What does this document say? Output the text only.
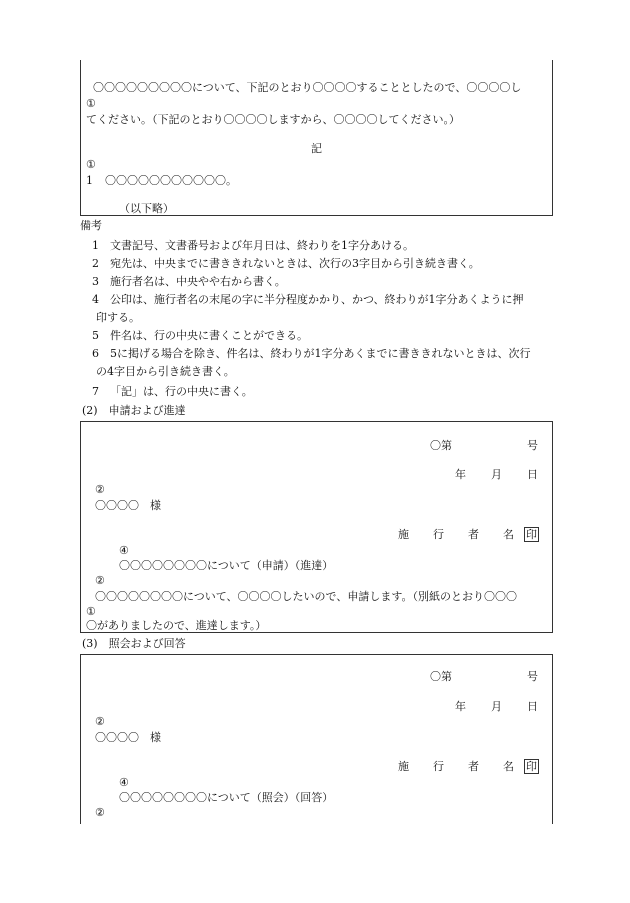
〇〇〇〇〇〇〇〇〇について、下記のとおり〇〇〇〇することとしたので、〇〇〇〇し
①
てください。（下記のとおり〇〇〇〇しますから、〇〇〇〇してください。）
記
①
1 〇〇〇〇〇〇〇〇〇〇〇。
（以下略）
備考
1 文書記号、文書番号および年月日は、終わりを1字分あける。
2 宛先は、中央までに書ききれないときは、次行の3字目から引き続き書く。
3 施行者名は、中央やや右から書く。
4 公印は、施行者名の末尾の字に半分程度かかり、かつ、終わりが1字分あくように押
印する。
5 件名は、行の中央に書くことができる。
6 5に掲げる場合を除き、件名は、終わりが1字分あくまでに書ききれないときは、次行
の4字目から引き続き書く。
7 「記」は、行の中央に書く。
(2)　申請および進達
〇第	号
年 月 日
②
〇〇〇〇　様
施 行 者 名 印
④
〇〇〇〇〇〇〇〇について（申請）（進達）
②
〇〇〇〇〇〇〇〇について、〇〇〇〇したいので、申請します。（別紙のとおり〇〇〇
①
〇がありましたので、進達します。）
(3)　照会および回答
〇第	号
年 月 日
②
〇〇〇〇　様
施 行 者 名 印
④
〇〇〇〇〇〇〇〇について（照会）（回答）
②
